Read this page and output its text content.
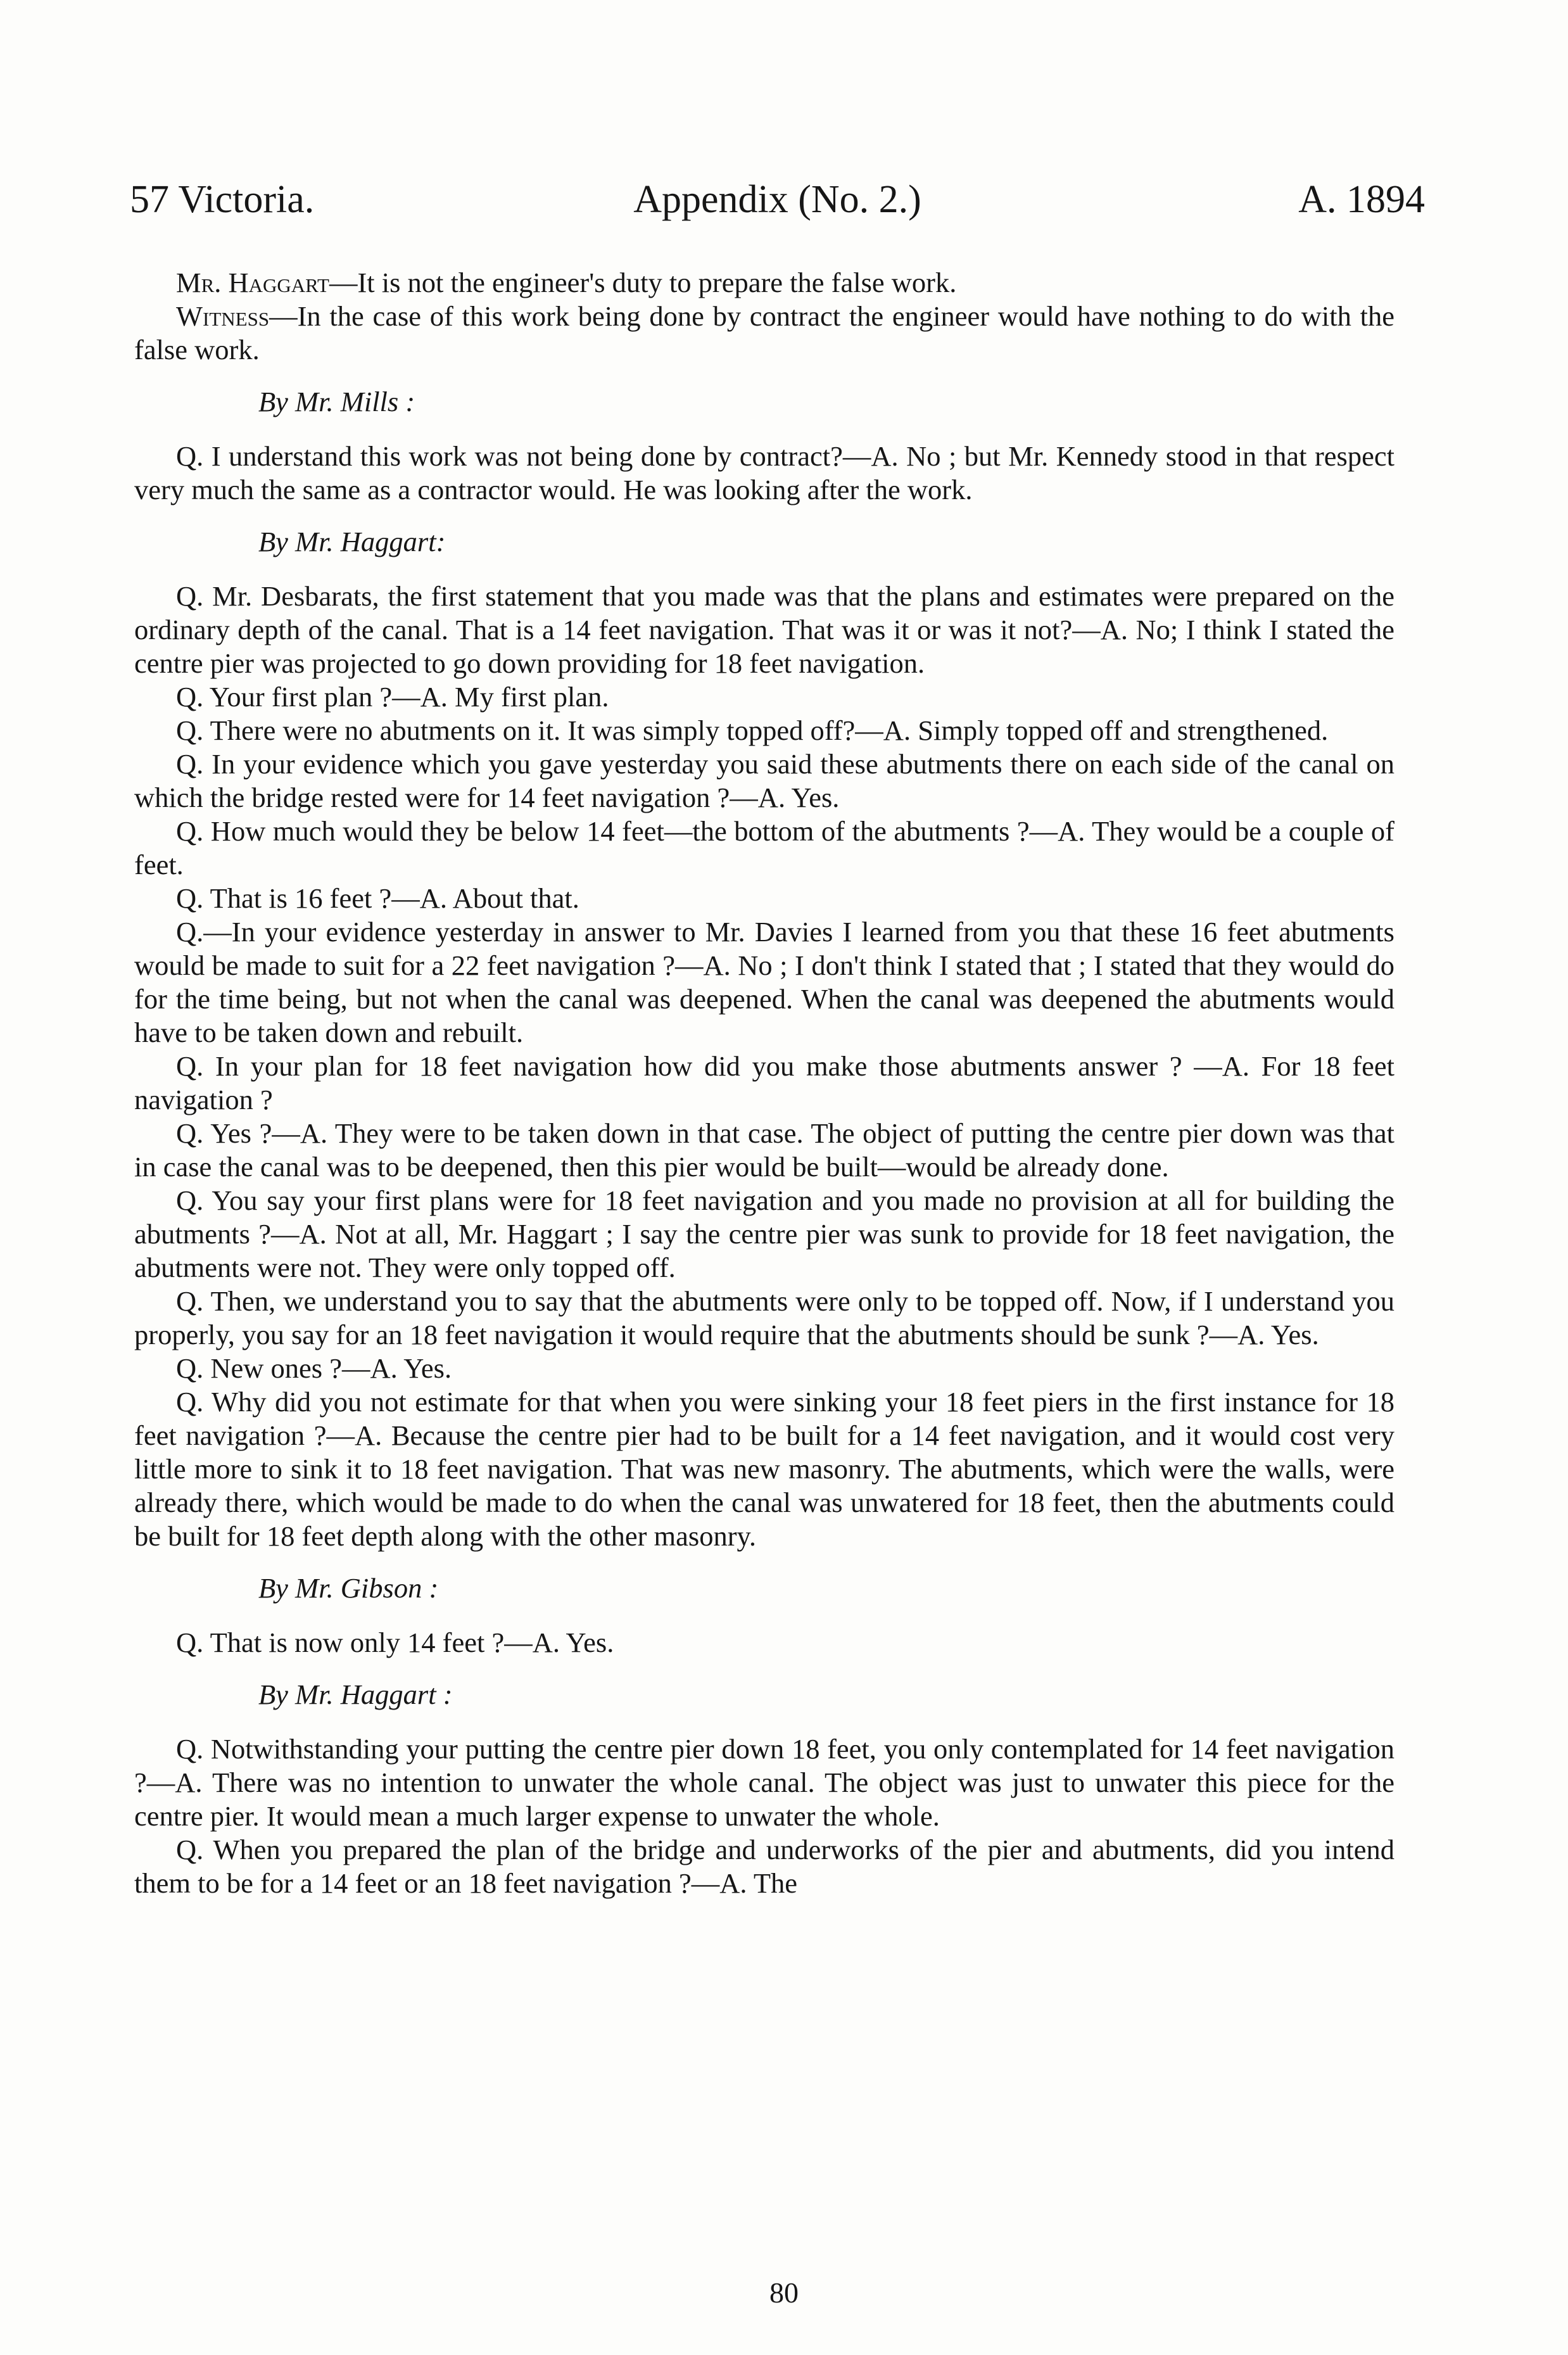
57 Victoria.	Appendix (No. 2.)	A. 1894

Mr. Haggart—It is not the engineer's duty to prepare the false work.

Witness—In the case of this work being done by contract the engineer would have nothing to do with the false work.

By Mr. Mills :

Q. I understand this work was not being done by contract?—A. No ; but Mr. Kennedy stood in that respect very much the same as a contractor would. He was looking after the work.

By Mr. Haggart:

Q. Mr. Desbarats, the first statement that you made was that the plans and estimates were prepared on the ordinary depth of the canal. That is a 14 feet navigation. That was it or was it not?—A. No; I think I stated the centre pier was projected to go down providing for 18 feet navigation.

Q. Your first plan ?—A. My first plan.

Q. There were no abutments on it. It was simply topped off?—A. Simply topped off and strengthened.

Q. In your evidence which you gave yesterday you said these abutments there on each side of the canal on which the bridge rested were for 14 feet navigation ?—A. Yes.

Q. How much would they be below 14 feet—the bottom of the abutments ?—A. They would be a couple of feet.

Q. That is 16 feet ?—A. About that.

Q.—In your evidence yesterday in answer to Mr. Davies I learned from you that these 16 feet abutments would be made to suit for a 22 feet navigation ?—A. No ; I don't think I stated that ; I stated that they would do for the time being, but not when the canal was deepened. When the canal was deepened the abutments would have to be taken down and rebuilt.

Q. In your plan for 18 feet navigation how did you make those abutments answer ? —A. For 18 feet navigation ?

Q. Yes ?—A. They were to be taken down in that case. The object of putting the centre pier down was that in case the canal was to be deepened, then this pier would be built—would be already done.

Q. You say your first plans were for 18 feet navigation and you made no provision at all for building the abutments ?—A. Not at all, Mr. Haggart ; I say the centre pier was sunk to provide for 18 feet navigation, the abutments were not. They were only topped off.

Q. Then, we understand you to say that the abutments were only to be topped off. Now, if I understand you properly, you say for an 18 feet navigation it would require that the abutments should be sunk ?—A. Yes.

Q. New ones ?—A. Yes.

Q. Why did you not estimate for that when you were sinking your 18 feet piers in the first instance for 18 feet navigation ?—A. Because the centre pier had to be built for a 14 feet navigation, and it would cost very little more to sink it to 18 feet navigation. That was new masonry. The abutments, which were the walls, were already there, which would be made to do when the canal was unwatered for 18 feet, then the abutments could be built for 18 feet depth along with the other masonry.

By Mr. Gibson :

Q. That is now only 14 feet ?—A. Yes.

By Mr. Haggart :

Q. Notwithstanding your putting the centre pier down 18 feet, you only contemplated for 14 feet navigation ?—A. There was no intention to unwater the whole canal. The object was just to unwater this piece for the centre pier. It would mean a much larger expense to unwater the whole.

Q. When you prepared the plan of the bridge and underworks of the pier and abutments, did you intend them to be for a 14 feet or an 18 feet navigation ?—A. The

80
